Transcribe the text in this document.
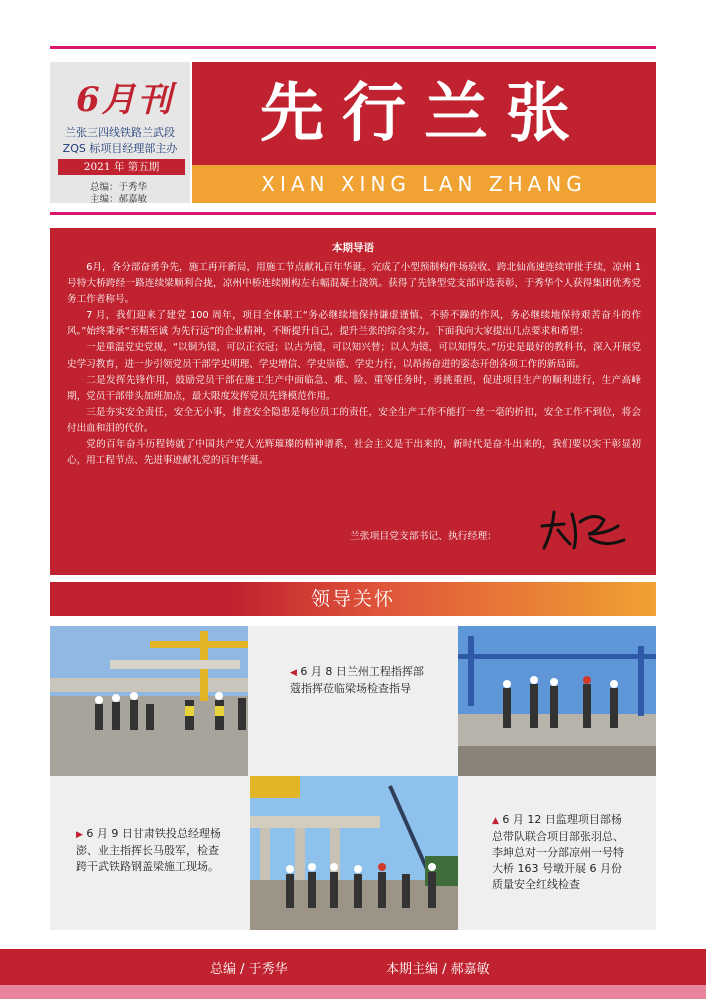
6月刊
兰张三四线铁路兰武段
ZQS 标项目经理部主办
2021 年 第五期
总编：于秀华
主编：郝嘉敏
先行兰张
XIAN XING LAN ZHANG
本期导语

6月，各分部奋勇争先，施工再开新局，用施工节点献礼百年华诞。完成了小型预制构件场验收、跨北仙高速连续审批手续，凉州 1 号特大桥跨经一路连续梁顺利合拢，凉州中桥连续刚构左右幅混凝土浇筑。获得了先锋型党支部评选表彰，于秀华个人获得集团优秀党务工作者称号。

7 月，我们迎来了建党 100 周年，项目全体职工“务必继续地保持谦虚谨慎、不骄不躁的作风，务必继续地保持艰苦奋斗的作风。”始终秉承“至精至诚 为先行远”的企业精神，不断提升自己，提升兰张的综合实力。下面我向大家提出几点要求和希望：

一是重温党史党规，“以铜为镜，可以正衣冠；以古为镜，可以知兴替；以人为镜，可以知得失。”历史是最好的教科书，深入开展党史学习教育，进一步引领党员干部学史明理、学史增信、学史崇德、学史力行，以昂扬奋进的姿态开创各项工作的新局面。

二是发挥先锋作用，鼓励党员干部在施工生产中面临急、难、险、重等任务时，勇挑重担，促进项目生产的顺利进行，生产高峰期，党员干部带头加班加点，最大限度发挥党员先锋模范作用。

三是夯实安全责任，安全无小事，排查安全隐患是每位员工的责任，安全生产工作不能打一丝一毫的折扣，安全工作不到位，将会付出血和泪的代价。

党的百年奋斗历程铸就了中国共产党人光辉璀璨的精神谱系，社会主义是干出来的，新时代是奋斗出来的，我们要以实干彰显初心，用工程节点、先进事迹献礼党的百年华诞。

兰张项目党支部书记、执行经理：
领导关怀
◀ 6 月 8 日兰州工程指挥部蔻指挥莅临梁场检查指导
▶ 6 月 9 日甘肃铁投总经理杨澎、业主指挥长马殷军，检查跨干武铁路钢盖梁施工现场。
▲ 6 月 12 日监理项目部杨总带队联合项目部张羽总、李坤总对一分部凉州一号特大桥 163 号墩开展 6 月份质量安全红线检查
总编 / 于秀华	本期主编 / 郝嘉敏
